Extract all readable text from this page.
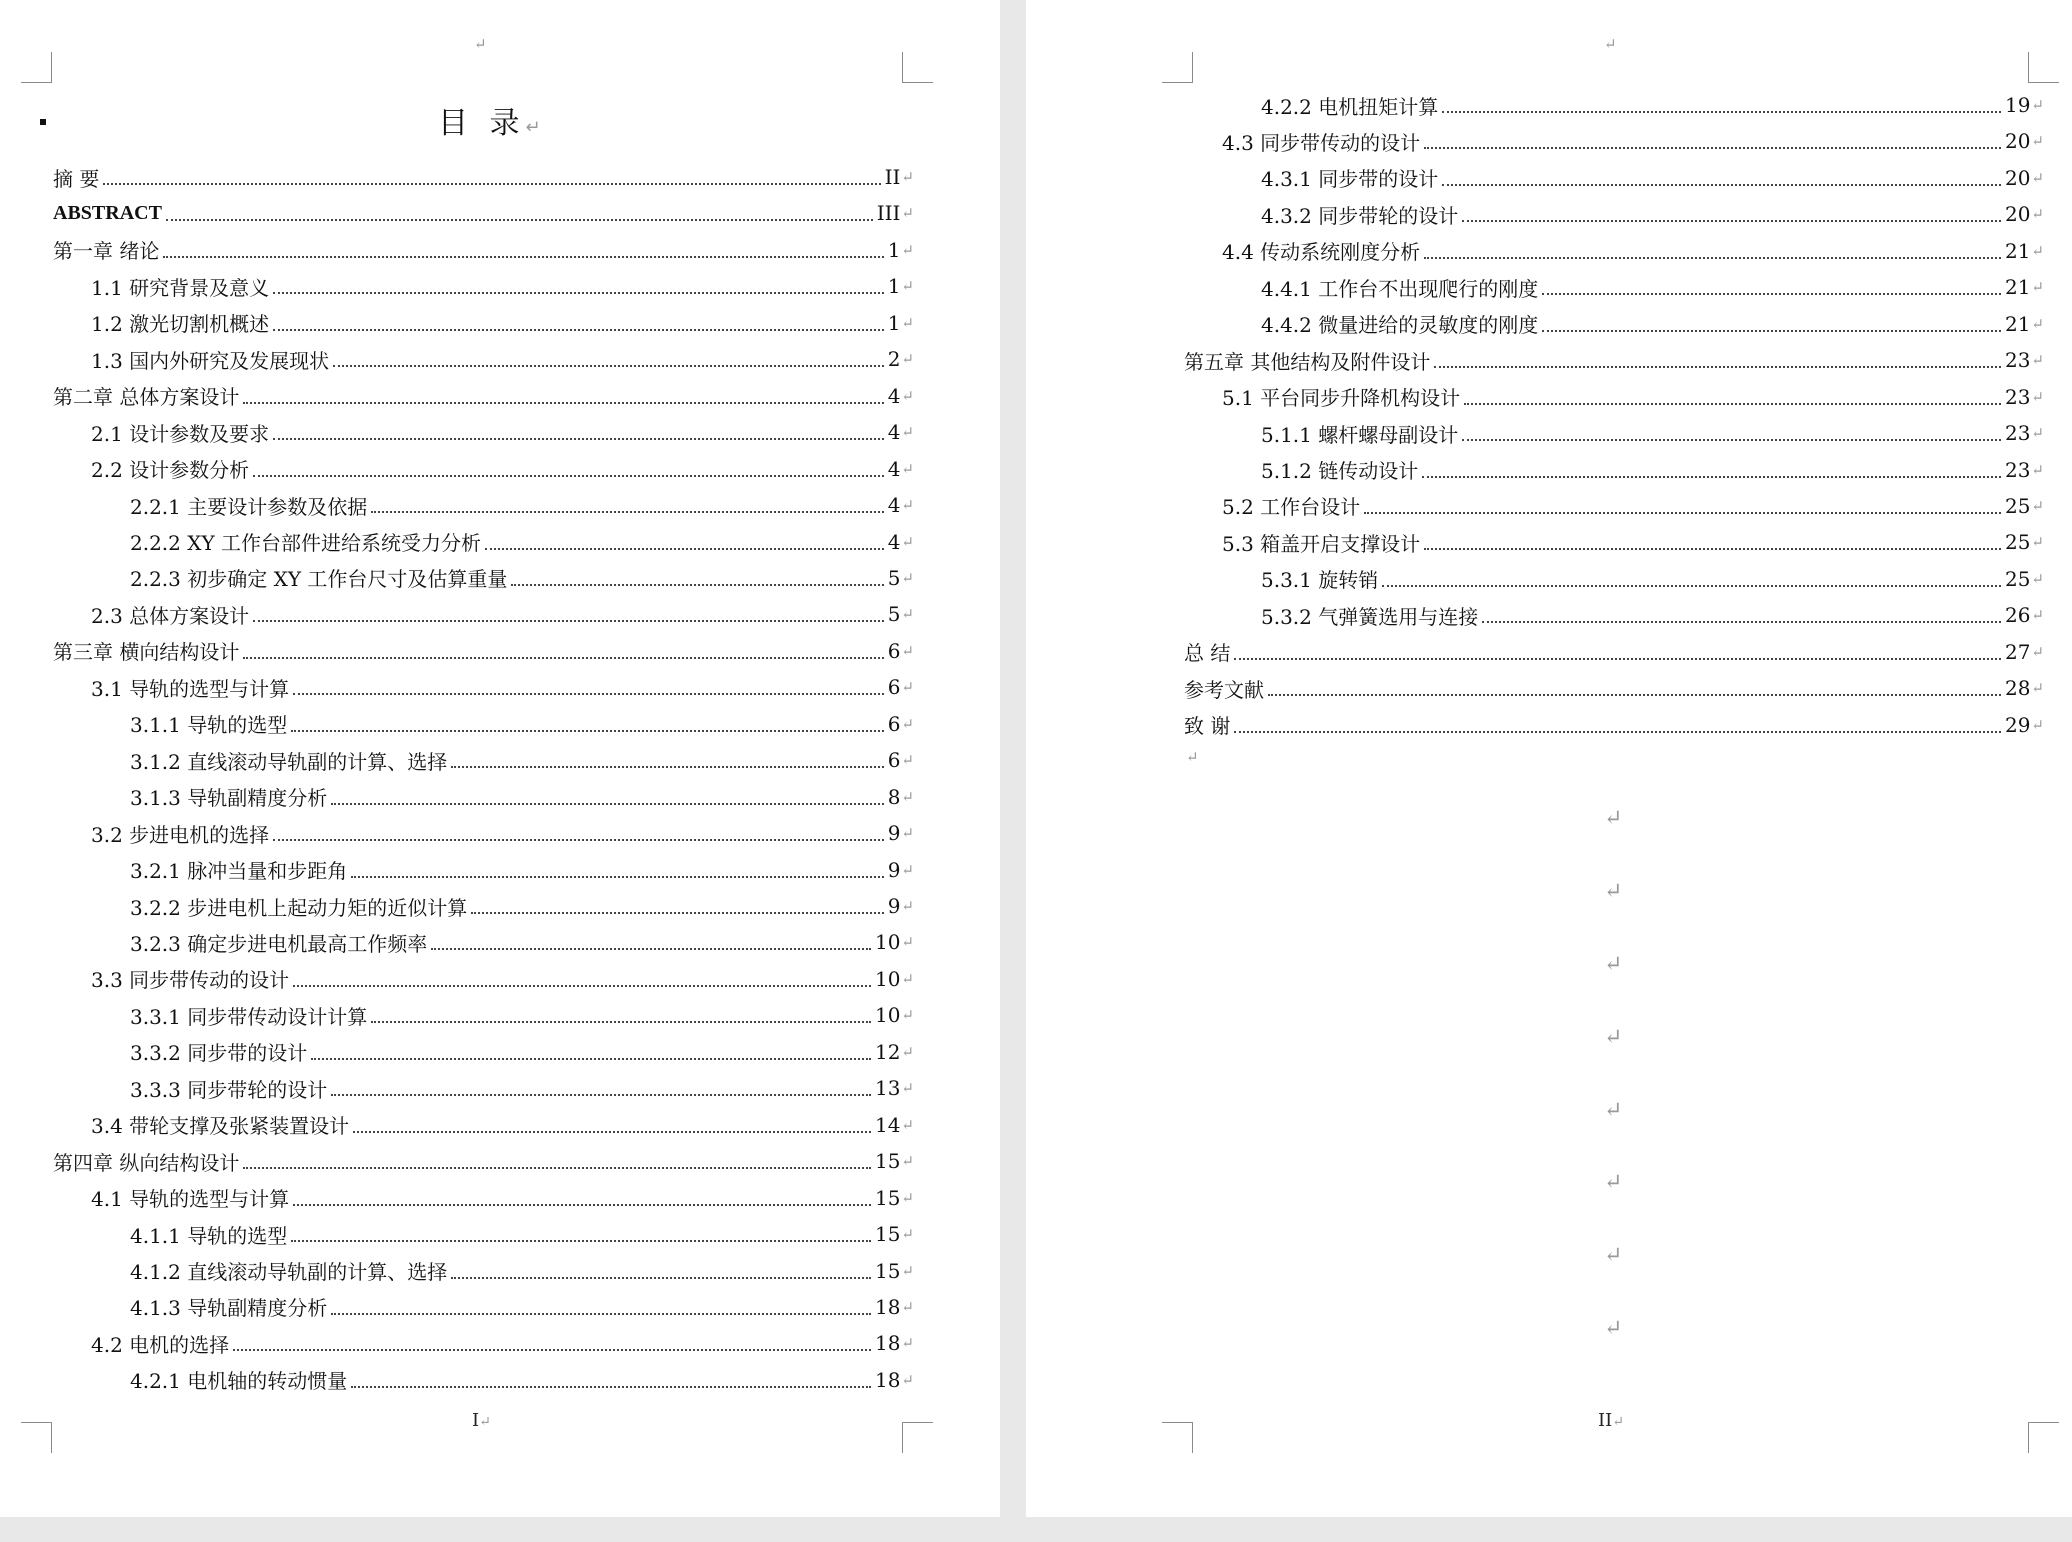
↵
目 录↵
摘 要	II ↵
ABSTRACT	III ↵
第一章 绪论	1 ↵
1.1 研究背景及意义	1 ↵
1.2 激光切割机概述	1 ↵
1.3 国内外研究及发展现状	2 ↵
第二章 总体方案设计	4 ↵
2.1 设计参数及要求	4 ↵
2.2 设计参数分析	4 ↵
2.2.1 主要设计参数及依据	4 ↵
2.2.2 XY 工作台部件进给系统受力分析	4 ↵
2.2.3 初步确定 XY 工作台尺寸及估算重量	5 ↵
2.3 总体方案设计	5 ↵
第三章 横向结构设计	6 ↵
3.1 导轨的选型与计算	6 ↵
3.1.1 导轨的选型	6 ↵
3.1.2 直线滚动导轨副的计算、选择	6 ↵
3.1.3 导轨副精度分析	8 ↵
3.2 步进电机的选择	9 ↵
3.2.1 脉冲当量和步距角	9 ↵
3.2.2 步进电机上起动力矩的近似计算	9 ↵
3.2.3 确定步进电机最高工作频率	10 ↵
3.3 同步带传动的设计	10 ↵
3.3.1 同步带传动设计计算	10 ↵
3.3.2 同步带的设计	12 ↵
3.3.3 同步带轮的设计	13 ↵
3.4 带轮支撑及张紧装置设计	14 ↵
第四章 纵向结构设计	15 ↵
4.1 导轨的选型与计算	15 ↵
4.1.1 导轨的选型	15 ↵
4.1.2 直线滚动导轨副的计算、选择	15 ↵
4.1.3 导轨副精度分析	18 ↵
4.2 电机的选择	18 ↵
4.2.1 电机轴的转动惯量	18 ↵
I↵
↵
4.2.2 电机扭矩计算	19 ↵
4.3 同步带传动的设计	20 ↵
4.3.1 同步带的设计	20 ↵
4.3.2 同步带轮的设计	20 ↵
4.4 传动系统刚度分析	21 ↵
4.4.1 工作台不出现爬行的刚度	21 ↵
4.4.2 微量进给的灵敏度的刚度	21 ↵
第五章 其他结构及附件设计	23 ↵
5.1 平台同步升降机构设计	23 ↵
5.1.1 螺杆螺母副设计	23 ↵
5.1.2 链传动设计	23 ↵
5.2 工作台设计	25 ↵
5.3 箱盖开启支撑设计	25 ↵
5.3.1 旋转销	25 ↵
5.3.2 气弹簧选用与连接	26 ↵
总 结	27 ↵
参考文献	28 ↵
致 谢	29 ↵
↵
↵
↵
↵
↵
↵
↵
↵
↵
II↵
